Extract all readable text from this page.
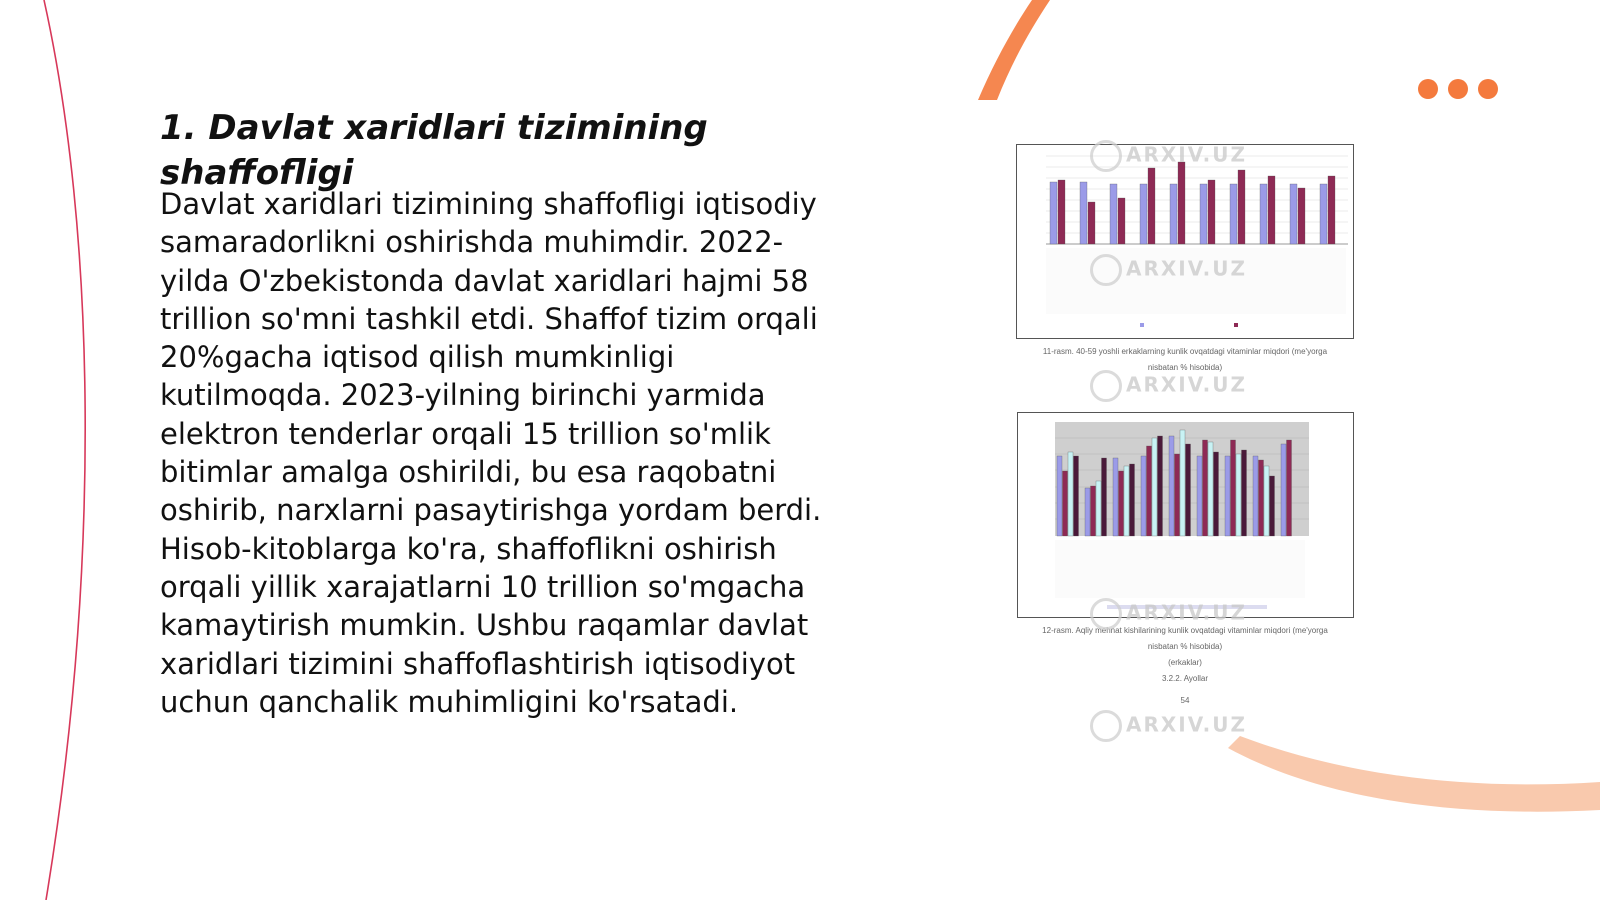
1. Davlat xaridlari tizimining shaffofligi

Davlat xaridlari tizimining shaffofligi iqtisodiy samaradorlikni oshirishda muhimdir. 2022-yilda O'zbekistonda davlat xaridlari hajmi 58 trillion so'mni tashkil etdi. Shaffof tizim orqali 20%gacha iqtisod qilish mumkinligi kutilmoqda. 2023-yilning birinchi yarmida elektron tenderlar orqali 15 trillion so'mlik bitimlar amalga oshirildi, bu esa raqobatni oshirib, narxlarni pasaytirishga yordam berdi. Hisob-kitoblarga ko'ra, shaffoflikni oshirish orqali yillik xarajatlarni 10 trillion so'mgacha kamaytirish mumkin. Ushbu raqamlar davlat xaridlari tizimini shaffoflashtirish iqtisodiyot uchun qanchalik muhimligini ko'rsatadi.

11-rasm. 40-59 yoshli erkaklarning kunlik ovqatdagi vitaminlar miqdori (me'yorga
nisbatan % hisobida)
12-rasm. Aqliy mehnat kishilarining kunlik ovqatdagi vitaminlar miqdori (me'yorga
nisbatan % hisobida)
(erkaklar)
3.2.2. Ayollar
54
ARXIV.UZ
ARXIV.UZ
ARXIV.UZ
ARXIV.UZ
ARXIV.UZ
